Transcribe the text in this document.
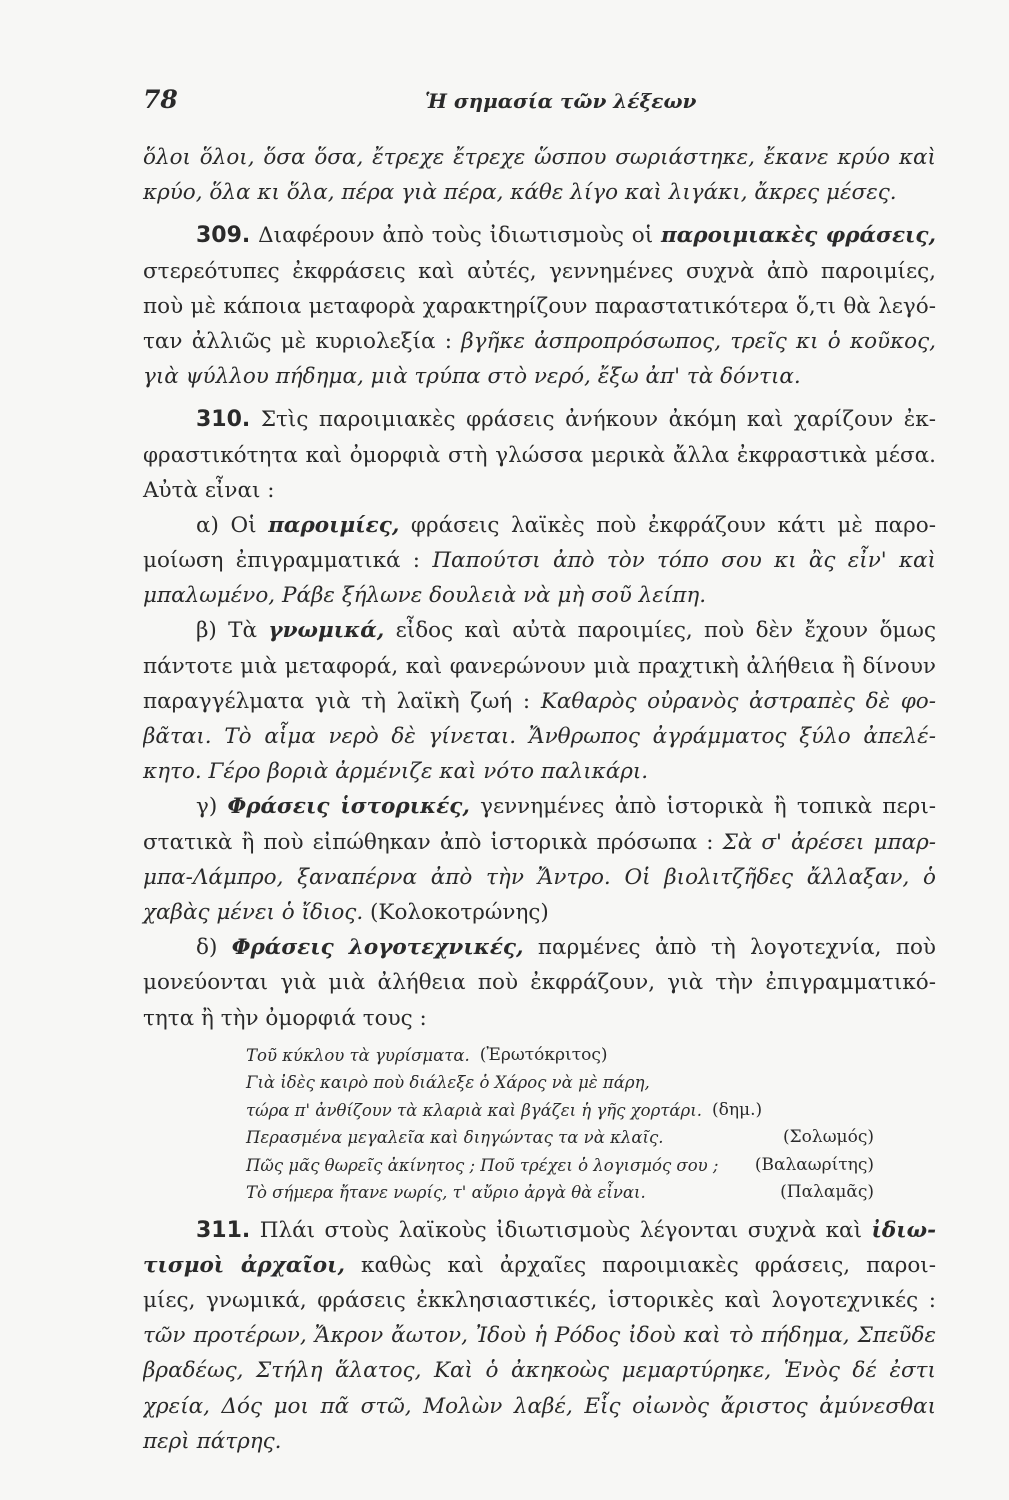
78	Ἡ σημασία τῶν λέξεων
ὅλοι ὅλοι, ὅσα ὅσα, ἔτρεχε ἔτρεχε ὥσπου σωριάστηκε, ἔκανε κρύο καὶ
κρύο, ὅλα κι ὅλα, πέρα γιὰ πέρα, κάθε λίγο καὶ λιγάκι, ἄκρες μέσες.
309. Διαφέρουν ἀπὸ τοὺς ἰδιωτισμοὺς οἱ παροιμιακὲς φράσεις,
στερεότυπες ἐκφράσεις καὶ αὐτές, γεννημένες συχνὰ ἀπὸ παροιμίες,
ποὺ μὲ κάποια μεταφορὰ χαρακτηρίζουν παραστατικότερα ὅ,τι θὰ λεγό-
ταν ἀλλιῶς μὲ κυριολεξία : βγῆκε ἀσπροπρόσωπος, τρεῖς κι ὁ κοῦκος,
γιὰ ψύλλου πήδημα, μιὰ τρύπα στὸ νερό, ἔξω ἀπ' τὰ δόντια.
310. Στὶς παροιμιακὲς φράσεις ἀνήκουν ἀκόμη καὶ χαρίζουν ἐκ-
φραστικότητα καὶ ὀμορφιὰ στὴ γλώσσα μερικὰ ἄλλα ἐκφραστικὰ μέσα.
Αὐτὰ εἶναι :
α) Οἱ παροιμίες, φράσεις λαϊκὲς ποὺ ἐκφράζουν κάτι μὲ παρο-
μοίωση ἐπιγραμματικά : Παπούτσι ἀπὸ τὸν τόπο σου κι ἂς εἶν' καὶ
μπαλωμένο, Ράβε ξήλωνε δουλειὰ νὰ μὴ σοῦ λείπη.
β) Τὰ γνωμικά, εἶδος καὶ αὐτὰ παροιμίες, ποὺ δὲν ἔχουν ὅμως
πάντοτε μιὰ μεταφορά, καὶ φανερώνουν μιὰ πραχτικὴ ἀλήθεια ἢ δίνουν
παραγγέλματα γιὰ τὴ λαϊκὴ ζωή : Καθαρὸς οὐρανὸς ἀστραπὲς δὲ φο-
βᾶται. Τὸ αἷμα νερὸ δὲ γίνεται. Ἄνθρωπος ἀγράμματος ξύλο ἀπελέ-
κητο. Γέρο βοριὰ ἀρμένιζε καὶ νότο παλικάρι.
γ) Φράσεις ἱστορικές, γεννημένες ἀπὸ ἱστορικὰ ἢ τοπικὰ περι-
στατικὰ ἢ ποὺ εἰπώθηκαν ἀπὸ ἱστορικὰ πρόσωπα : Σὰ σ' ἀρέσει μπαρ-
μπα-Λάμπρο, ξαναπέρνα ἀπὸ τὴν Ἄντρο. Οἱ βιολιτζῆδες ἄλλαξαν, ὁ
χαβὰς μένει ὁ ἴδιος. (Κολοκοτρώνης)
δ) Φράσεις λογοτεχνικές, παρμένες ἀπὸ τὴ λογοτεχνία, ποὺ
μονεύονται γιὰ μιὰ ἀλήθεια ποὺ ἐκφράζουν, γιὰ τὴν ἐπιγραμματικό-
τητα ἢ τὴν ὀμορφιά τους :
Τοῦ κύκλου τὰ γυρίσματα. (Ἐρωτόκριτος)
Γιὰ ἰδὲς καιρὸ ποὺ διάλεξε ὁ Χάρος νὰ μὲ πάρη,
τώρα π' ἀνθίζουν τὰ κλαριὰ καὶ βγάζει ἡ γῆς χορτάρι. (δημ.)
Περασμένα μεγαλεῖα καὶ διηγώντας τα νὰ κλαῖς.	(Σολωμός)
Πῶς μᾶς θωρεῖς ἀκίνητος ; Ποῦ τρέχει ὁ λογισμός σου ; (Βαλαωρίτης)
Τὸ σήμερα ἤτανε νωρίς, τ' αὔριο ἀργὰ θὰ εἶναι.	(Παλαμᾶς)
311. Πλάι στοὺς λαϊκοὺς ἰδιωτισμοὺς λέγονται συχνὰ καὶ ἰδιω-
τισμοὶ ἀρχαῖοι, καθὼς καὶ ἀρχαῖες παροιμιακὲς φράσεις, παροι-
μίες, γνωμικά, φράσεις ἐκκλησιαστικές, ἱστορικὲς καὶ λογοτεχνικές :
τῶν προτέρων, Ἄκρον ἄωτον, Ἰδοὺ ἡ Ρόδος ἰδοὺ καὶ τὸ πήδημα, Σπεῦδε
βραδέως, Στήλη ἅλατος, Καὶ ὁ ἀκηκοὼς μεμαρτύρηκε, Ἑνὸς δέ ἐστι
χρεία, Δός μοι πᾶ στῶ, Μολὼν λαβέ, Εἷς οἰωνὸς ἄριστος ἀμύνεσθαι
περὶ πάτρης.
